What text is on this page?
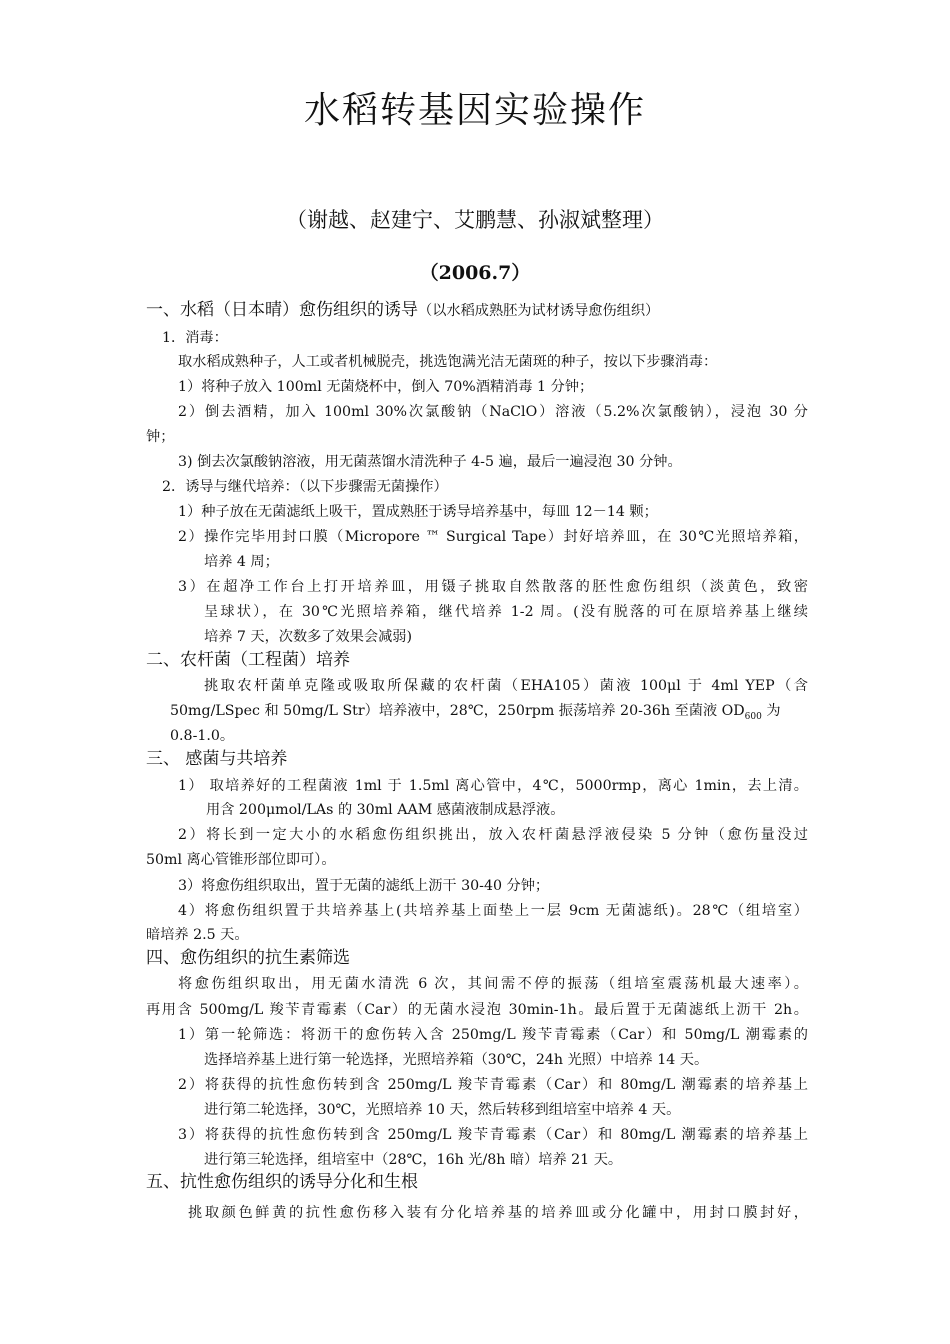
水稻转基因实验操作
（谢越、赵建宁、艾鹏慧、孙淑斌整理）
（2006.7）
一、水稻（日本晴）愈伤组织的诱导（以水稻成熟胚为试材诱导愈伤组织）
1．消毒：
取水稻成熟种子，人工或者机械脱壳，挑选饱满光洁无菌斑的种子，按以下步骤消毒：
1）将种子放入 100ml 无菌烧杯中，倒入 70%酒精消毒 1 分钟；
2）倒去酒精，加入 100ml 30%次氯酸钠（NaClO）溶液（5.2%次氯酸钠），浸泡 30 分
钟；
3) 倒去次氯酸钠溶液，用无菌蒸馏水清洗种子 4-5 遍，最后一遍浸泡 30 分钟。
2．诱导与继代培养：（以下步骤需无菌操作）
1）种子放在无菌滤纸上吸干，置成熟胚于诱导培养基中，每皿 12－14 颗；
2）操作完毕用封口膜（Micropore ™ Surgical Tape）封好培养皿，在 30℃光照培养箱，
培养 4 周；
3）在超净工作台上打开培养皿，用镊子挑取自然散落的胚性愈伤组织（淡黄色，致密
呈球状），在 30℃光照培养箱，继代培养 1-2 周。(没有脱落的可在原培养基上继续
培养 7 天，次数多了效果会减弱)
二、农杆菌（工程菌）培养
挑取农杆菌单克隆或吸取所保藏的农杆菌（EHA105）菌液 100μl 于 4ml YEP（含
50mg/LSpec 和 50mg/L Str）培养液中，28℃，250rpm 振荡培养 20-36h 至菌液 $OD_{600}$ 为
0.8-1.0。
三、 感菌与共培养
1） 取培养好的工程菌液 1ml 于 1.5ml 离心管中，4℃，5000rmp，离心 1min，去上清。
用含 200μmol/LAs 的 30ml AAM 感菌液制成悬浮液。
2）将长到一定大小的水稻愈伤组织挑出，放入农杆菌悬浮液侵染 5 分钟（愈伤量没过
50ml 离心管锥形部位即可）。
3）将愈伤组织取出，置于无菌的滤纸上沥干 30-40 分钟；
4）将愈伤组织置于共培养基上(共培养基上面垫上一层 9cm 无菌滤纸)。28℃（组培室）
暗培养 2.5 天。
四、愈伤组织的抗生素筛选
将愈伤组织取出，用无菌水清洗 6 次，其间需不停的振荡（组培室震荡机最大速率）。
再用含 500mg/L 羧苄青霉素（Car）的无菌水浸泡 30min-1h。最后置于无菌滤纸上沥干 2h。
1）第一轮筛选：将沥干的愈伤转入含 250mg/L 羧苄青霉素（Car）和 50mg/L 潮霉素的
选择培养基上进行第一轮选择，光照培养箱（30℃，24h 光照）中培养 14 天。
2）将获得的抗性愈伤转到含 250mg/L 羧苄青霉素（Car）和 80mg/L 潮霉素的培养基上
进行第二轮选择，30℃，光照培养 10 天，然后转移到组培室中培养 4 天。
3）将获得的抗性愈伤转到含 250mg/L 羧苄青霉素（Car）和 80mg/L 潮霉素的培养基上
进行第三轮选择，组培室中（28℃，16h 光/8h 暗）培养 21 天。
五、抗性愈伤组织的诱导分化和生根
挑取颜色鲜黄的抗性愈伤移入装有分化培养基的培养皿或分化罐中，用封口膜封好，
